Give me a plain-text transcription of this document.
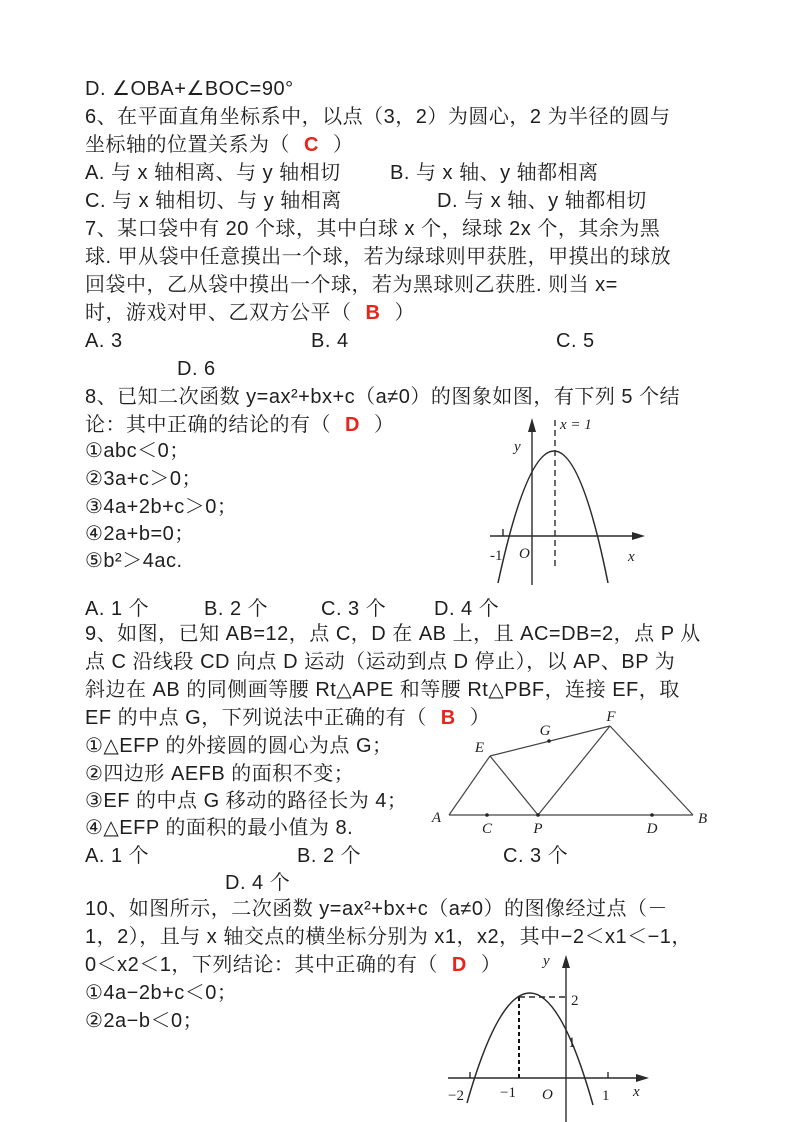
D. ∠OBA+∠BOC=90°
6、在平面直角坐标系中，以点（3，2）为圆心，2 为半径的圆与
坐标轴的位置关系为（ C ）
A. 与 x 轴相离、与 y 轴相切 B. 与 x 轴、y 轴都相离
C. 与 x 轴相切、与 y 轴相离	D. 与 x 轴、y 轴都相切
7、某口袋中有 20 个球，其中白球 x 个，绿球 2x 个，其余为黑
球. 甲从袋中任意摸出一个球，若为绿球则甲获胜，甲摸出的球放
回袋中，乙从袋中摸出一个球，若为黑球则乙获胜. 则当 x=
时，游戏对甲、乙双方公平（ B ）
A. 3	B. 4	C. 5
D. 6
8、已知二次函数 y=ax²+bx+c（a≠0）的图象如图，有下列 5 个结
论：其中正确的结论的有（ D ）
①abc＜0；
②3a+c＞0；
③4a+2b+c＞0；
④2a+b=0；
⑤b²＞4ac.
A. 1 个	B. 2 个	C. 3 个 D. 4 个
y
x
O
-1
x = 1
9、如图，已知 AB=12，点 C，D 在 AB 上，且 AC=DB=2，点 P 从
点 C 沿线段 CD 向点 D 运动（运动到点 D 停止），以 AP、BP 为
斜边在 AB 的同侧画等腰 Rt△APE 和等腰 Rt△PBF，连接 EF，取
EF 的中点 G，下列说法中正确的有（ B ）
①△EFP 的外接圆的圆心为点 G；
②四边形 AEFB 的面积不变；
③EF 的中点 G 移动的路径长为 4；
④△EFP 的面积的最小值为 8.
A. 1 个	B. 2 个	C. 3 个
D. 4 个
A	B
C	P	D
E
F
G
10、如图所示，二次函数 y=ax²+bx+c（a≠0）的图像经过点（－
1，2），且与 x 轴交点的横坐标分别为 x1，x2，其中−2＜x1＜−1，
0＜x2＜1，下列结论：其中正确的有（ D ）
①4a−2b+c＜0；
②2a−b＜0；
y
x
O
−2 −1	1
2
1
